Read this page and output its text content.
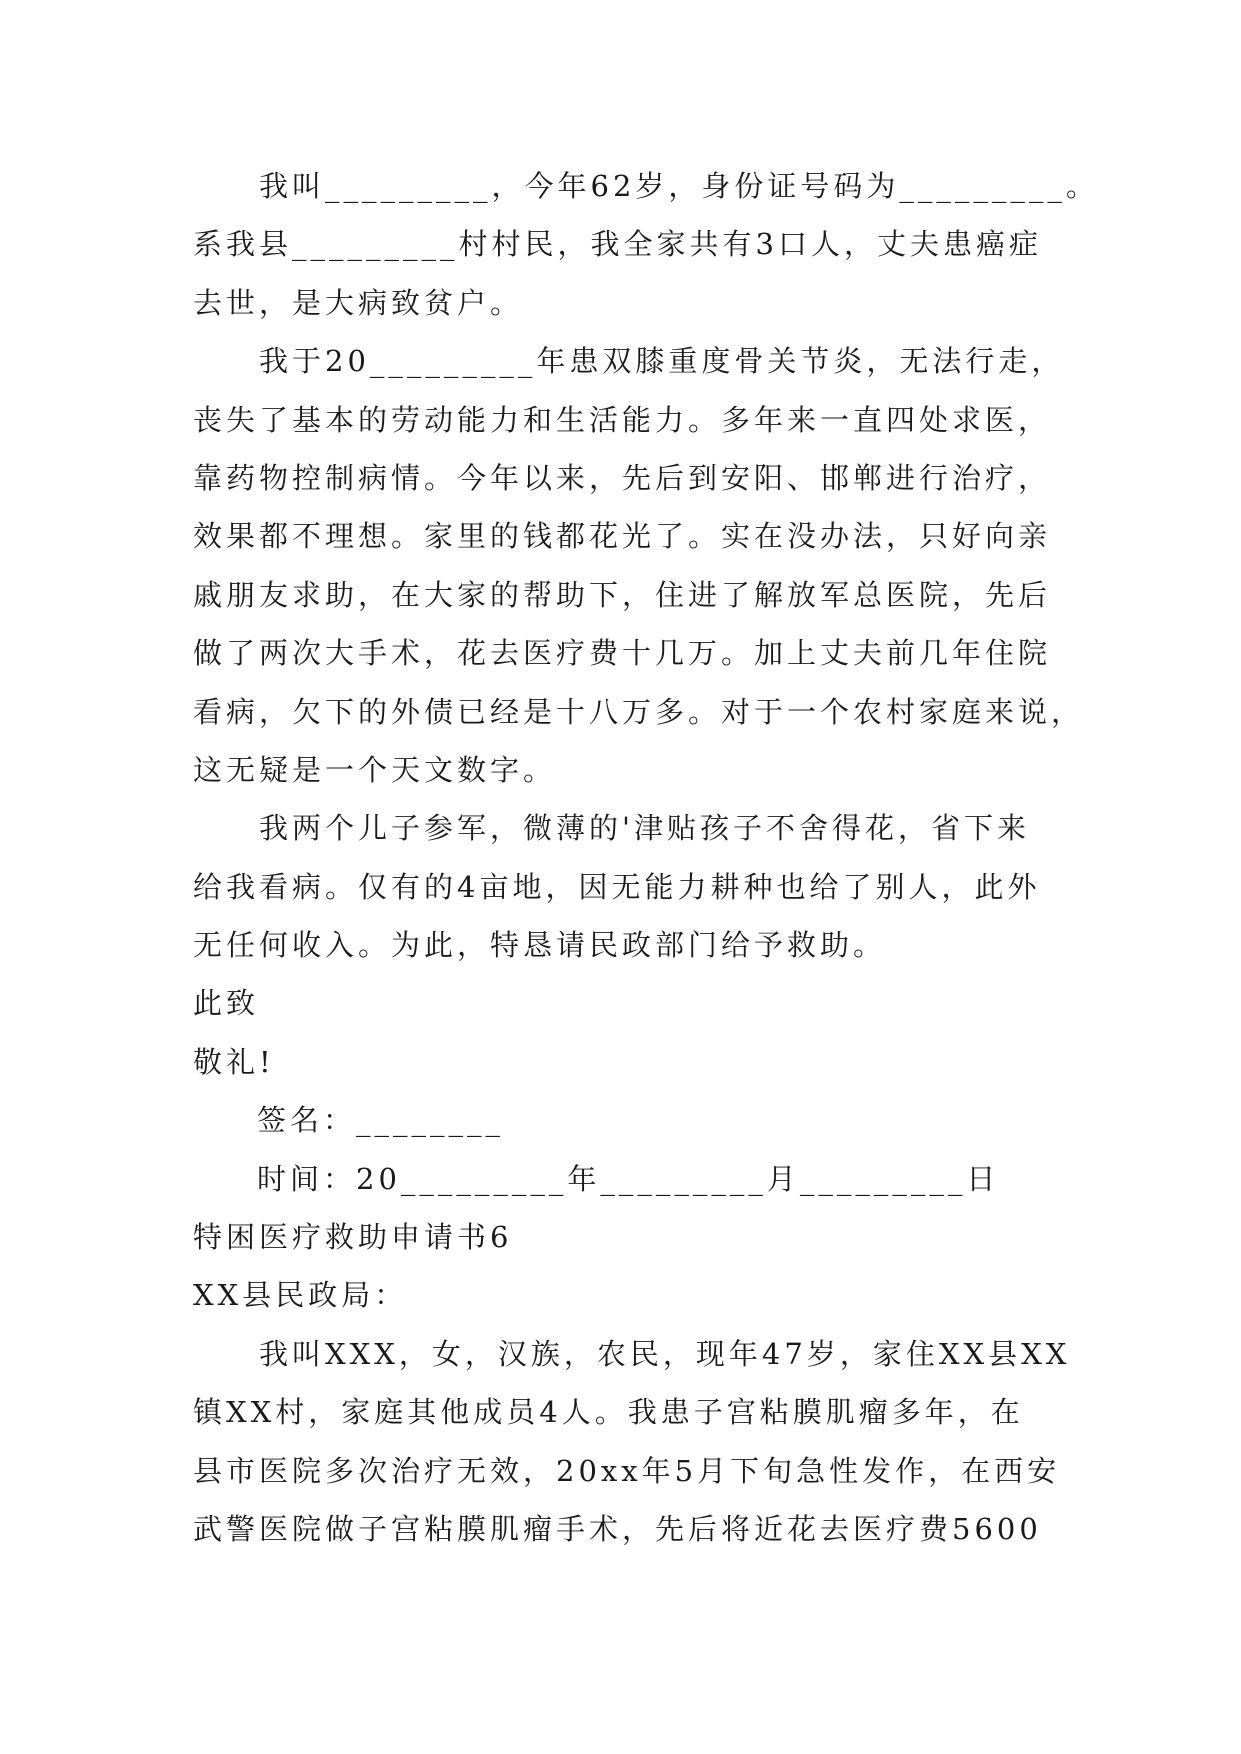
我叫_________，今年62岁，身份证号码为_________。
系我县_________村村民，我全家共有3口人，丈夫患癌症
去世，是大病致贫户。
我于20_________年患双膝重度骨关节炎，无法行走，
丧失了基本的劳动能力和生活能力。多年来一直四处求医，
靠药物控制病情。今年以来，先后到安阳、邯郸进行治疗，
效果都不理想。家里的钱都花光了。实在没办法，只好向亲
戚朋友求助，在大家的帮助下，住进了解放军总医院，先后
做了两次大手术，花去医疗费十几万。加上丈夫前几年住院
看病，欠下的外债已经是十八万多。对于一个农村家庭来说，
这无疑是一个天文数字。
我两个儿子参军，微薄的'津贴孩子不舍得花，省下来
给我看病。仅有的4亩地，因无能力耕种也给了别人，此外
无任何收入。为此，特恳请民政部门给予救助。
此致
敬礼!
签名：________
时间：20_________年_________月_________日
特困医疗救助申请书6
XX县民政局：
我叫XXX，女，汉族，农民，现年47岁，家住XX县XX
镇XX村，家庭其他成员4人。我患子宫粘膜肌瘤多年，在
县市医院多次治疗无效，20xx年5月下旬急性发作，在西安
武警医院做子宫粘膜肌瘤手术，先后将近花去医疗费5600
